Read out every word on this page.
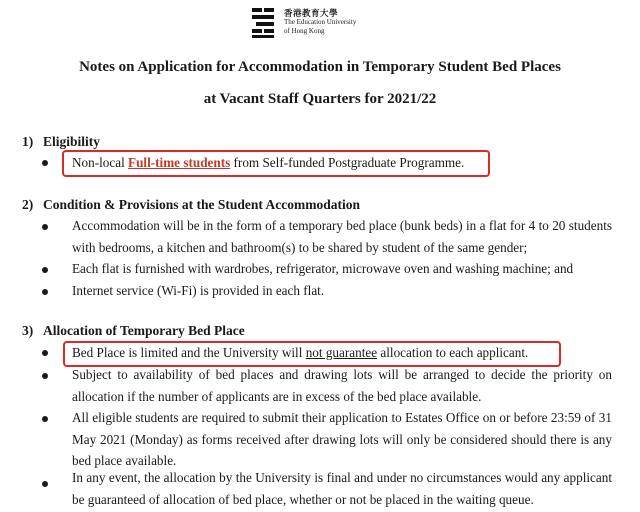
香港教育大學
The Education University
of Hong Kong
Notes on Application for Accommodation in Temporary Student Bed Places
at Vacant Staff Quarters for 2021/22
1) Eligibility
Non-local Full-time students from Self-funded Postgraduate Programme.
2) Condition & Provisions at the Student Accommodation
Accommodation will be in the form of a temporary bed place (bunk beds) in a flat for 4 to 20 students with bedrooms, a kitchen and bathroom(s) to be shared by student of the same gender;
Each flat is furnished with wardrobes, refrigerator, microwave oven and washing machine; and
Internet service (Wi-Fi) is provided in each flat.
3) Allocation of Temporary Bed Place
Bed Place is limited and the University will not guarantee allocation to each applicant.
Subject to availability of bed places and drawing lots will be arranged to decide the priority on allocation if the number of applicants are in excess of the bed place available.
All eligible students are required to submit their application to Estates Office on or before 23:59 of 31 May 2021 (Monday) as forms received after drawing lots will only be considered should there is any bed place available.
In any event, the allocation by the University is final and under no circumstances would any applicant be guaranteed of allocation of bed place, whether or not be placed in the waiting queue.
